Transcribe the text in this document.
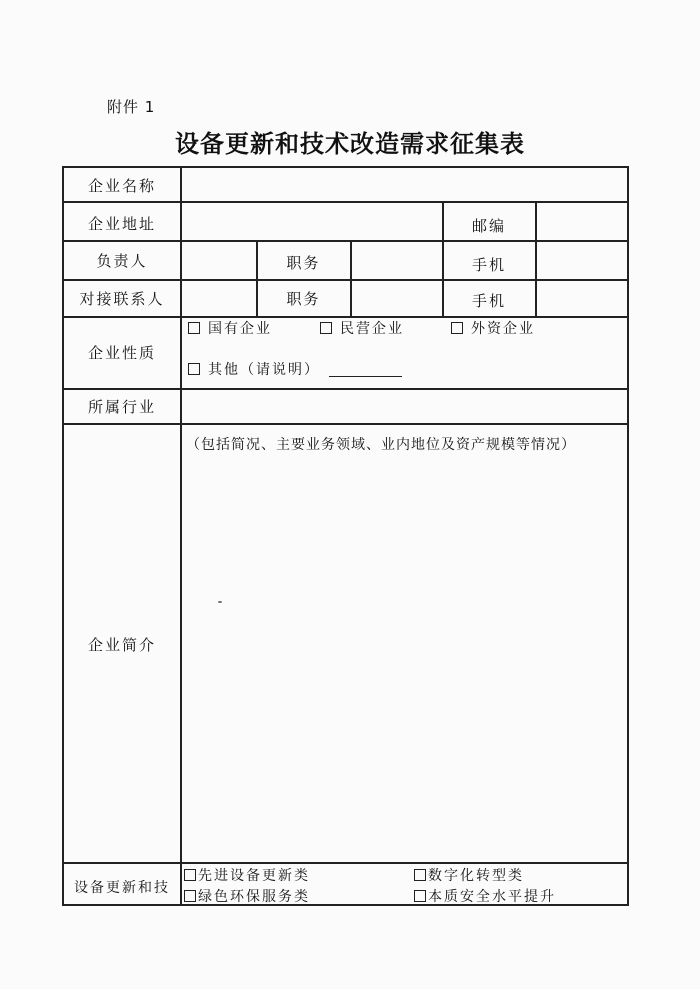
附件 1
设备更新和技术改造需求征集表
企业名称
企业地址	邮编
负责人	职务	手机
对接联系人	职务	手机
企业性质
国有企业	民营企业	外资企业
其他（请说明）
所属行业
企业简介
（包括简况、主要业务领域、业内地位及资产规模等情况）
设备更新和技
先进设备更新类	数字化转型类
绿色环保服务类	本质安全水平提升
